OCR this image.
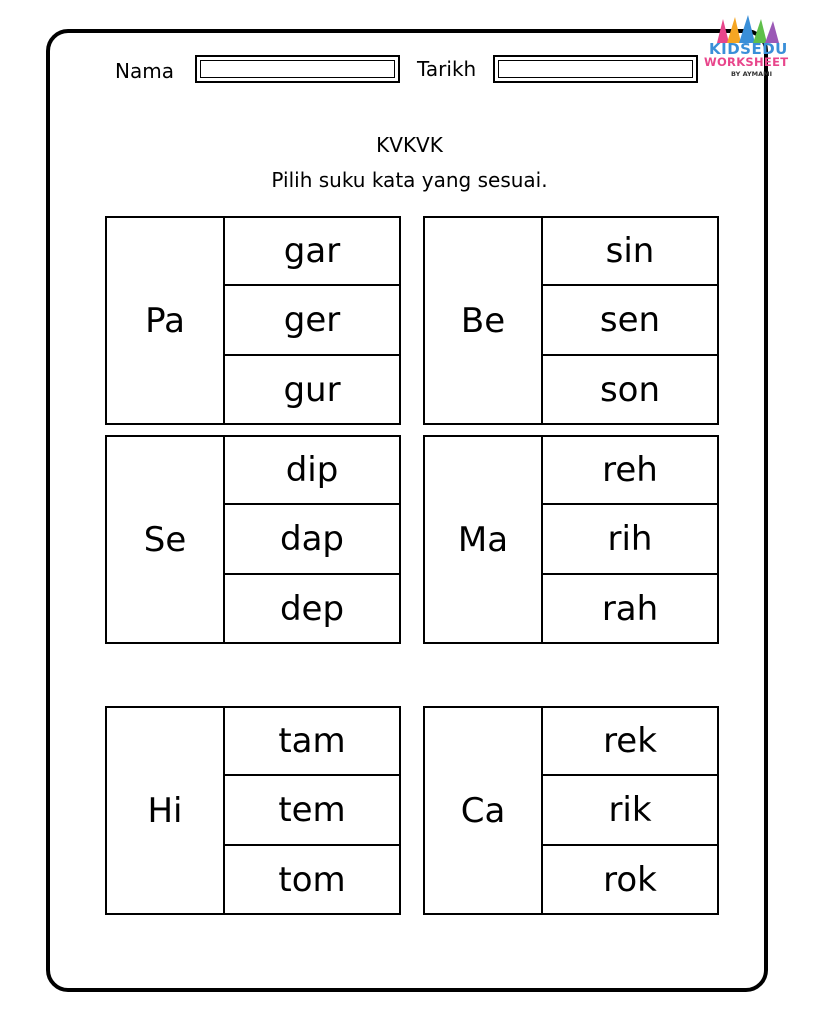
Nama	Tarikh
KIDSEDU
WORKSHEET
BY AYMAMI
KVKVK
Pilih suku kata yang sesuai.
Pa
gar
ger
gur
Be
sin
sen
son
Se
dip
dap
dep
Ma
reh
rih
rah
Hi
tam
tem
tom
Ca
rek
rik
rok
